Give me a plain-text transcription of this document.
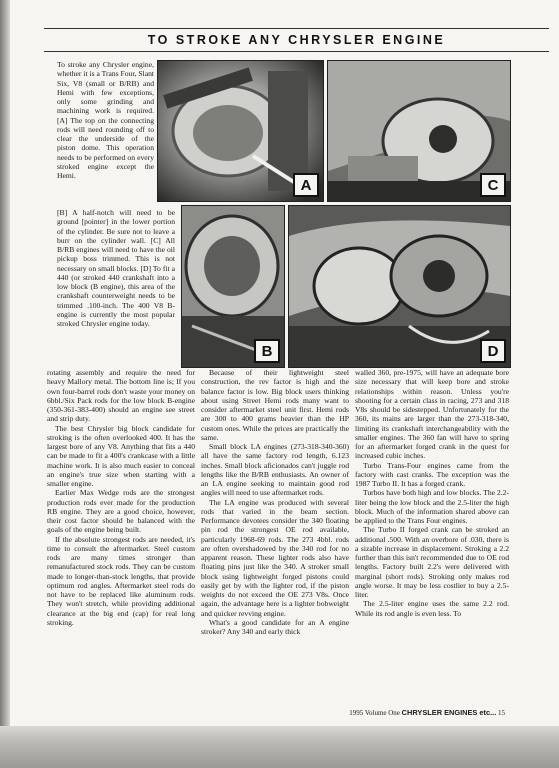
TO STROKE ANY CHRYSLER ENGINE

To stroke any Chrysler engine, whether it is a Trans Four, Slant Six, V8 (small or B/RB) and Hemi with few exceptions, only some grinding and machining work is required. [A] The top on the connecting rods will need rounding off to clear the underside of the piston dome. This operation needs to be performed on every stroked engine except the Hemi.

[B] A half-notch will need to be ground [pointer] in the lower portion of the cylinder. Be sure not to leave a burr on the cylinder wall. [C] All B/RB engines will need to have the oil pickup boss trimmed. This is not necessary on small blocks. [D] To fit a 440 (or stroked 440 crankshaft into a low block (B engine), this area of the crankshaft counterweight needs to be trimmed .100-inch. The 400 V8 B-engine is currently the most popular stroked Chrysler engine today.

A	C
B	D

rotating assembly and require the need for heavy Mallory metal. The bottom line is; If you own four-barrel rods don't waste your money on 6bbl./Six Pack rods for the low block B-engine (350-361-383-400) should an engine see street and strip duty.

The best Chrysler big block candidate for stroking is the often overlooked 400. It has the largest bore of any V8. Anything that fits a 440 can be made to fit a 400's crankcase with a little machine work. It is also much easier to conceal an engine's true size when starting with a smaller engine.

Earlier Max Wedge rods are the strongest production rods ever made for the production RB engine. They are a good choice, however, their cost factor should be balanced with the goals of the engine being built.

If the absolute strongest rods are needed, it's time to consult the aftermarket. Steel custom rods are many times stronger than remanufactured stock rods. They can be custom made to longer-than-stock lengths, that provide optimum rod angles. Aftermarket steel rods do not have to be replaced like aluminum rods. They won't stretch, while providing additional clearance at the big end (cap) for real long stroking.

Because of their lightweight steel construction, the rev factor is high and the balance factor is low. Big block users thinking about using Street Hemi rods many want to consider aftermarket steel unit first. Hemi rods are 300 to 400 grams heavier than the HP custom ones. While the prices are practically the same.

Small block LA engines (273-318-340-360) all have the same factory rod length, 6.123 inches. Small block aficionados can't juggle rod lengths like the B/RB enthusiasts. An owner of an LA engine seeking to maintain good rod angles will need to use aftermarket rods.

The LA engine was produced with several rods that varied in the beam section. Performance devotees consider the 340 floating pin rod the strongest OE rod available, particularly 1968-69 rods. The 273 4bbl. rods are often overshadowed by the 340 rod for no apparent reason. These lighter rods also have floating pins just like the 340. A stroker small block using lightweight forged pistons could easily get by with the lighter rod, if the piston weights do not exceed the OE 273 V8s. Once again, the advantage here is a lighter bobweight and quicker revving engine.

What's a good candidate for an A engine stroker? Any 340 and early thick

walled 360, pre-1975, will have an adequate bore size necessary that will keep bore and stroke relationships within reason. Unless you're shooting for a certain class in racing, 273 and 318 V8s should be sidestepped. Unfortunately for the 360, its mains are larger than the 273-318-340, limiting its crankshaft interchangeability with the smaller engines. The 360 fan will have to spring for an aftermarket forged crank in the quest for increased cubic inches.

Turbo Trans-Four engines came from the factory with cast cranks. The exception was the 1987 Turbo II. It has a forged crank.

Turbos have both high and low blocks. The 2.2-liter being the low block and the 2.5-liter the high block. Much of the information shared above can be applied to the Trans Four engines.

The Turbo II forged crank can be stroked an additional .500. With an overbore of .030, there is a sizable increase in displacement. Stroking a 2.2 further than this isn't recommended due to OE rod lengths. Factory built 2.2's were delivered with marginal (short rods). Stroking only makes rod angle worse. It may be less costlier to buy a 2.5-liter.

The 2.5-liter engine uses the same 2.2 rod. While its rod angle is even less. To

1995 Volume One CHRYSLER ENGINES etc... 15
